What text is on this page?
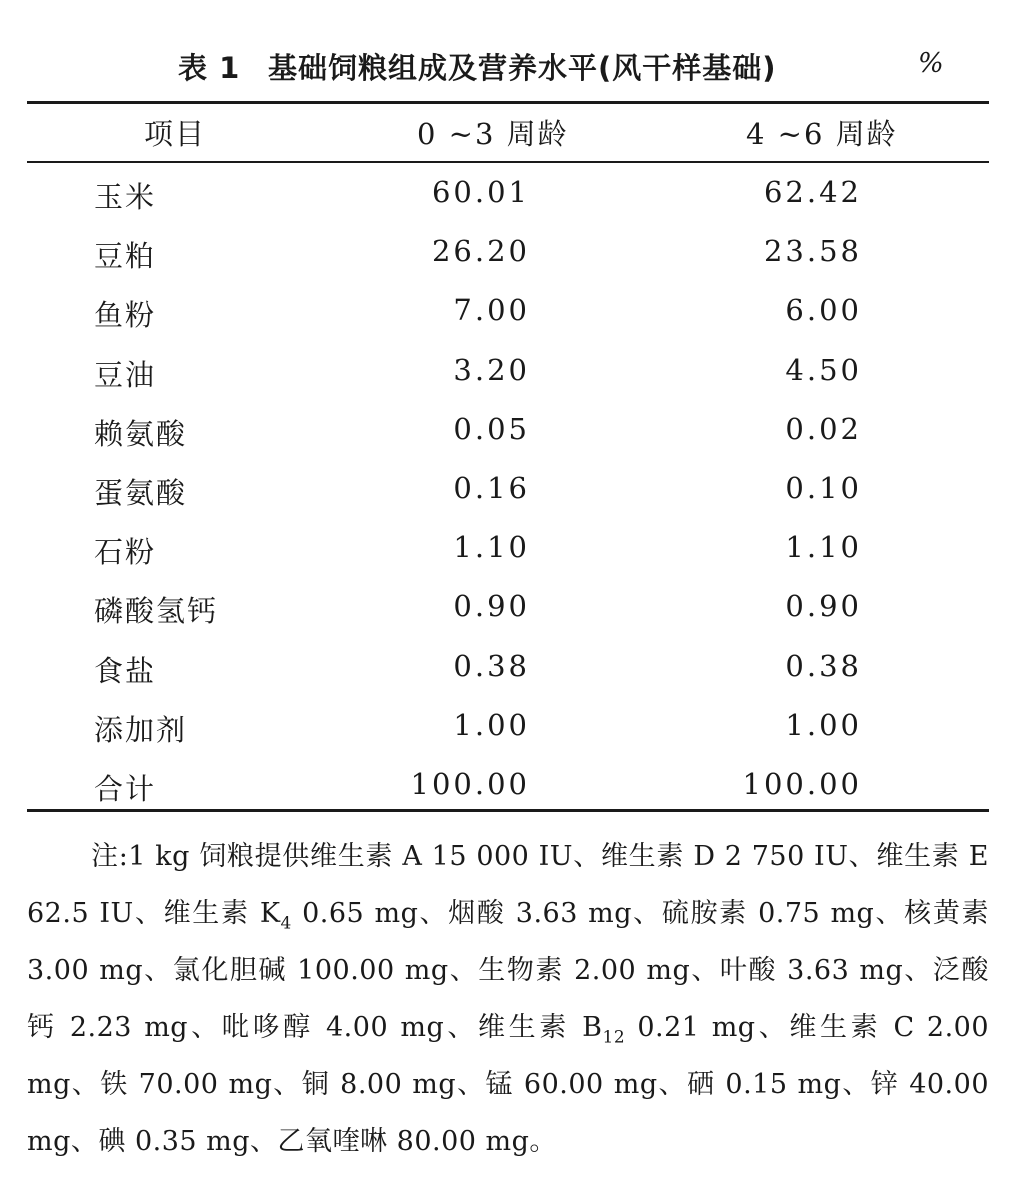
表 1 基础饲粮组成及营养水平(风干样基础)	%
项目	0 ~3 周龄	4 ~6 周龄
玉米	60.01	62.42
豆粕	26.20	23.58
鱼粉	7.00	6.00
豆油	3.20	4.50
赖氨酸	0.05	0.02
蛋氨酸	0.16	0.10
石粉	1.10	1.10
磷酸氢钙	0.90	0.90
食盐	0.38	0.38
添加剂	1.00	1.00
合计	100.00	100.00
注:1 kg 饲粮提供维生素 A 15 000 IU、维生素 D 2 750 IU、维生素 E 62.5 IU、维生素 $K_4$ 0.65 mg、烟酸 3.63 mg、硫胺素 0.75 mg、核黄素 3.00 mg、氯化胆碱 100.00 mg、生物素 2.00 mg、叶酸 3.63 mg、泛酸钙 2.23 mg、吡哆醇 4.00 mg、维生素 $B_{12}$ 0.21 mg、维生素 C 2.00 mg、铁 70.00 mg、铜 8.00 mg、锰 60.00 mg、硒 0.15 mg、锌 40.00 mg、碘 0.35 mg、乙氧喹啉 80.00 mg。
